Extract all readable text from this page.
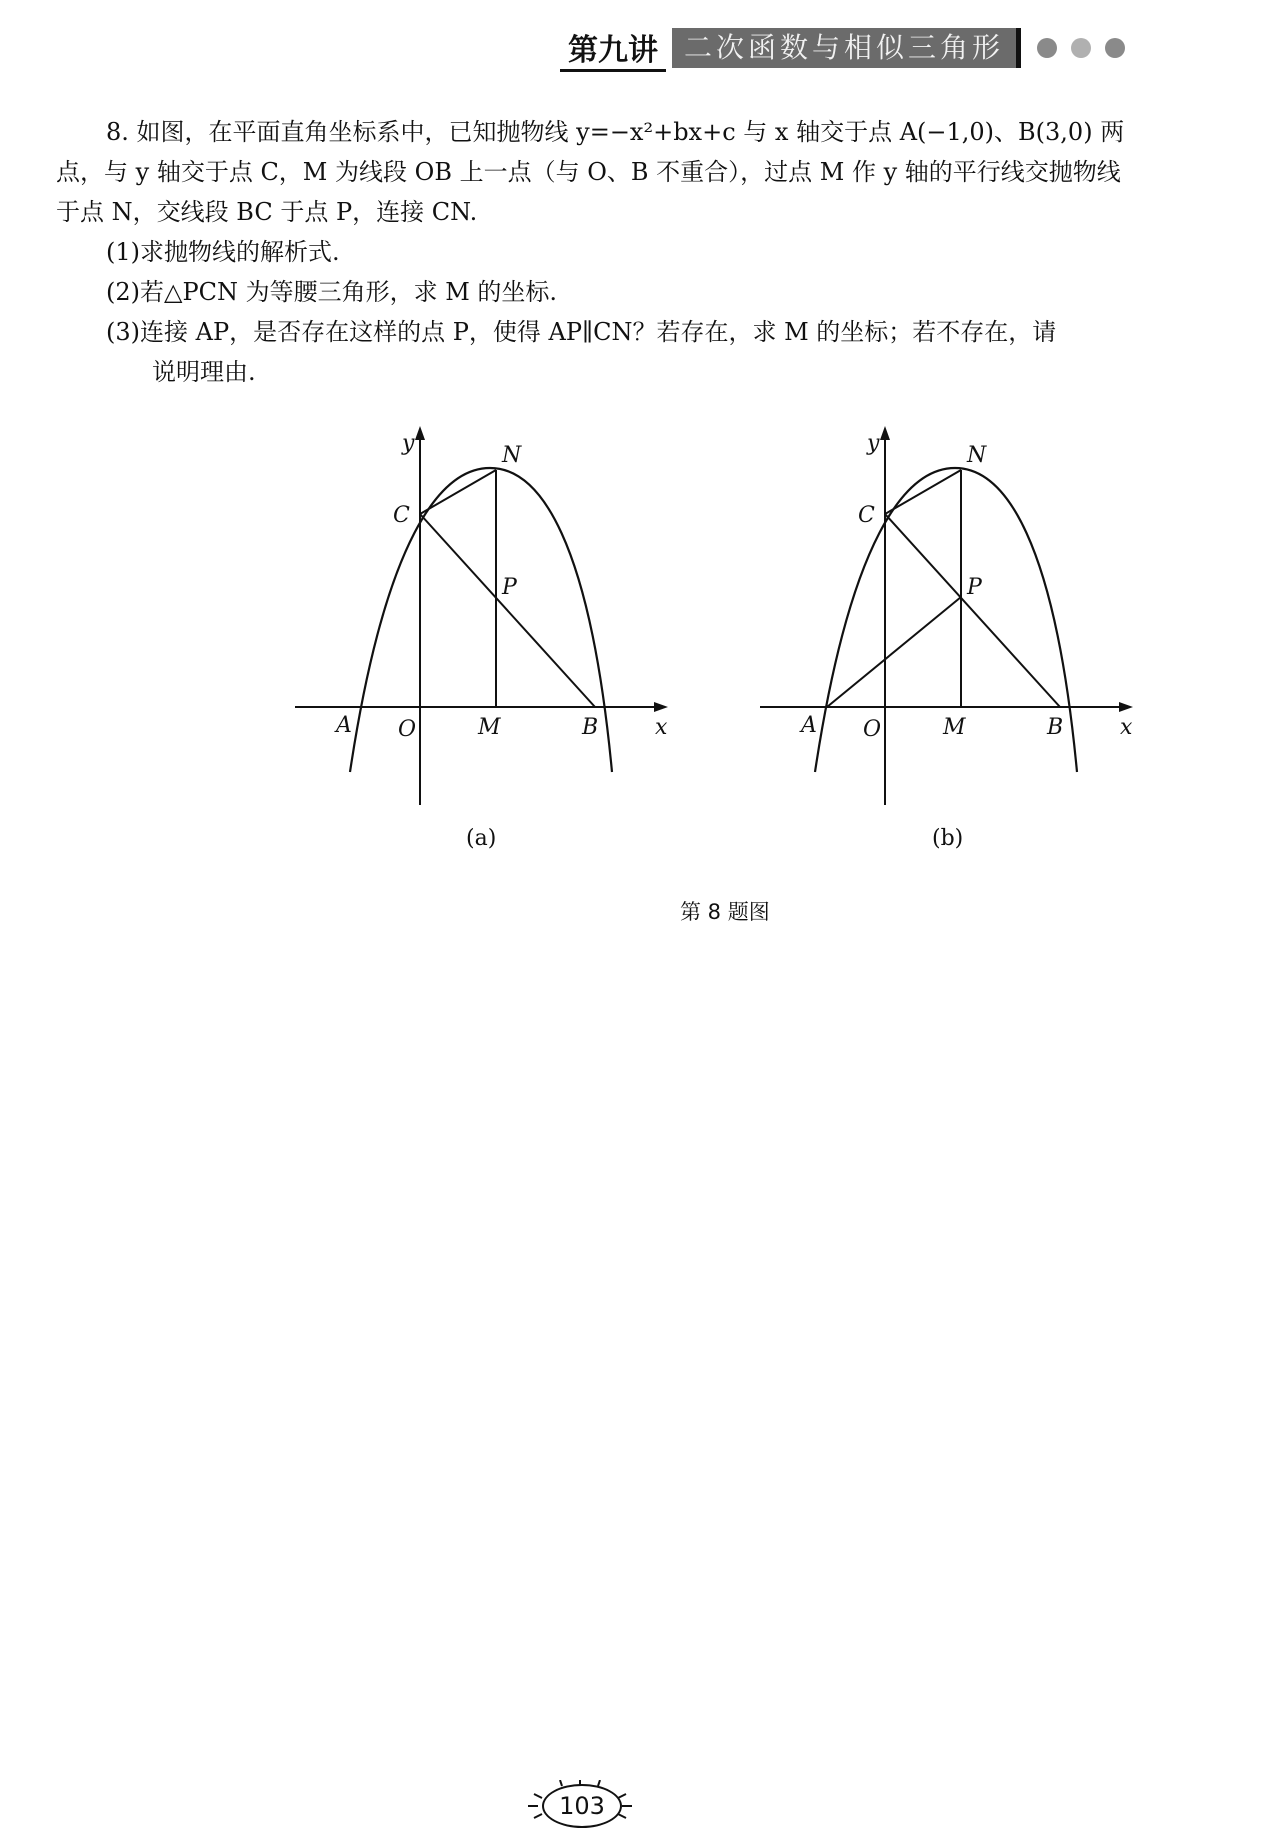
第九讲 二次函数与相似三角形

8. 如图，在平面直角坐标系中，已知抛物线 y=−x²+bx+c 与 x 轴交于点 A(−1,0)、B(3,0) 两点，与 y 轴交于点 C，M 为线段 OB 上一点（与 O、B 不重合），过点 M 作 y 轴的平行线交抛物线于点 N，交线段 BC 于点 P，连接 CN.

(1)求抛物线的解析式.

(2)若△PCN 为等腰三角形，求 M 的坐标.

(3)连接 AP，是否存在这样的点 P，使得 AP∥CN？若存在，求 M 的坐标；若不存在，请
说明理由.

y	N
C
P
A O	M	B	x
(a)
y	N
C
P
A O	M	B	x
(b)
第 8 题图
103
